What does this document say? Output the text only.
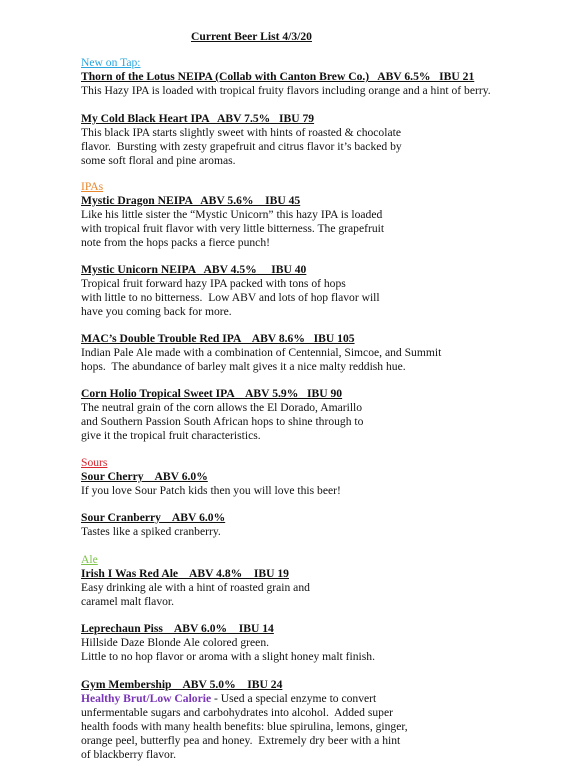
Current Beer List 4/3/20
New on Tap:
Thorn of the Lotus NEIPA (Collab with Canton Brew Co.)   ABV 6.5%   IBU 21
This Hazy IPA is loaded with tropical fruity flavors including orange and a hint of berry.
My Cold Black Heart IPA   ABV 7.5%   IBU 79
This black IPA starts slightly sweet with hints of roasted & chocolate
flavor.  Bursting with zesty grapefruit and citrus flavor it’s backed by
some soft floral and pine aromas.
IPAs
Mystic Dragon NEIPA   ABV 5.6%    IBU 45
Like his little sister the “Mystic Unicorn” this hazy IPA is loaded
with tropical fruit flavor with very little bitterness. The grapefruit
note from the hops packs a fierce punch!
Mystic Unicorn NEIPA   ABV 4.5%     IBU 40
Tropical fruit forward hazy IPA packed with tons of hops
with little to no bitterness.  Low ABV and lots of hop flavor will
have you coming back for more.
MAC’s Double Trouble Red IPA    ABV 8.6%   IBU 105
Indian Pale Ale made with a combination of Centennial, Simcoe, and Summit
hops.  The abundance of barley malt gives it a nice malty reddish hue.
Corn Holio Tropical Sweet IPA    ABV 5.9%   IBU 90
The neutral grain of the corn allows the El Dorado, Amarillo
and Southern Passion South African hops to shine through to
give it the tropical fruit characteristics.
Sours
Sour Cherry    ABV 6.0%
If you love Sour Patch kids then you will love this beer!
Sour Cranberry    ABV 6.0%
Tastes like a spiked cranberry.
Ale
Irish I Was Red Ale    ABV 4.8%    IBU 19
Easy drinking ale with a hint of roasted grain and
caramel malt flavor.
Leprechaun Piss    ABV 6.0%    IBU 14
Hillside Daze Blonde Ale colored green.
Little to no hop flavor or aroma with a slight honey malt finish.
Gym Membership    ABV 5.0%    IBU 24
Healthy Brut/Low Calorie - Used a special enzyme to convert
unfermentable sugars and carbohydrates into alcohol.  Added super
health foods with many health benefits: blue spirulina, lemons, ginger,
orange peel, butterfly pea and honey.  Extremely dry beer with a hint
of blackberry flavor.
